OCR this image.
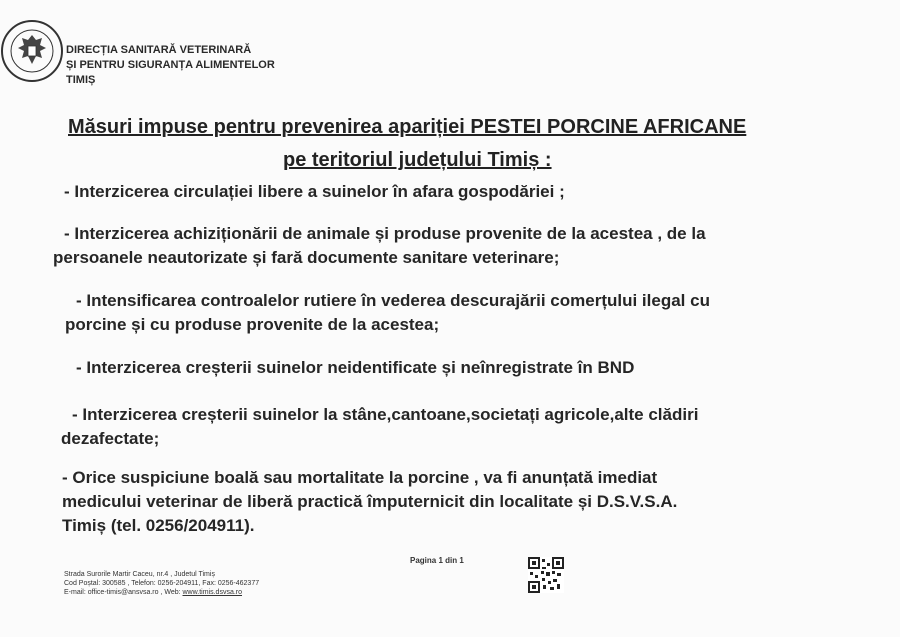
DIRECȚIA SANITARĂ VETERINARĂ
ȘI PENTRU SIGURANȚA ALIMENTELOR
TIMIȘ
Măsuri impuse pentru prevenirea apariției PESTEI PORCINE AFRICANE
pe teritoriul județului Timiș :
- Interzicerea circulației libere a suinelor în afara gospodăriei ;
- Interzicerea achiziționării de animale și produse provenite de la acestea , de la
persoanele neautorizate și fară documente sanitare veterinare;
- Intensificarea controalelor rutiere în vederea descurajării comerțului ilegal cu
porcine și cu produse provenite de la acestea;
- Interzicerea creșterii suinelor neidentificate și neînregistrate în BND
- Interzicerea creșterii suinelor la stâne,cantoane,societați agricole,alte clădiri
dezafectate;
- Orice suspiciune boală sau mortalitate la porcine , va fi anunțată imediat
medicului veterinar de liberă practică împuternicit din localitate și D.S.V.S.A.
Timiș (tel. 0256/204911).
Pagina 1 din 1
Strada Surorile Martir Caceu, nr.4 , Judetul Timiș
Cod Poștal: 300585 , Telefon: 0256-204911, Fax: 0256-462377
E-mail: office-timis@ansvsa.ro , Web: www.timis.dsvsa.ro
